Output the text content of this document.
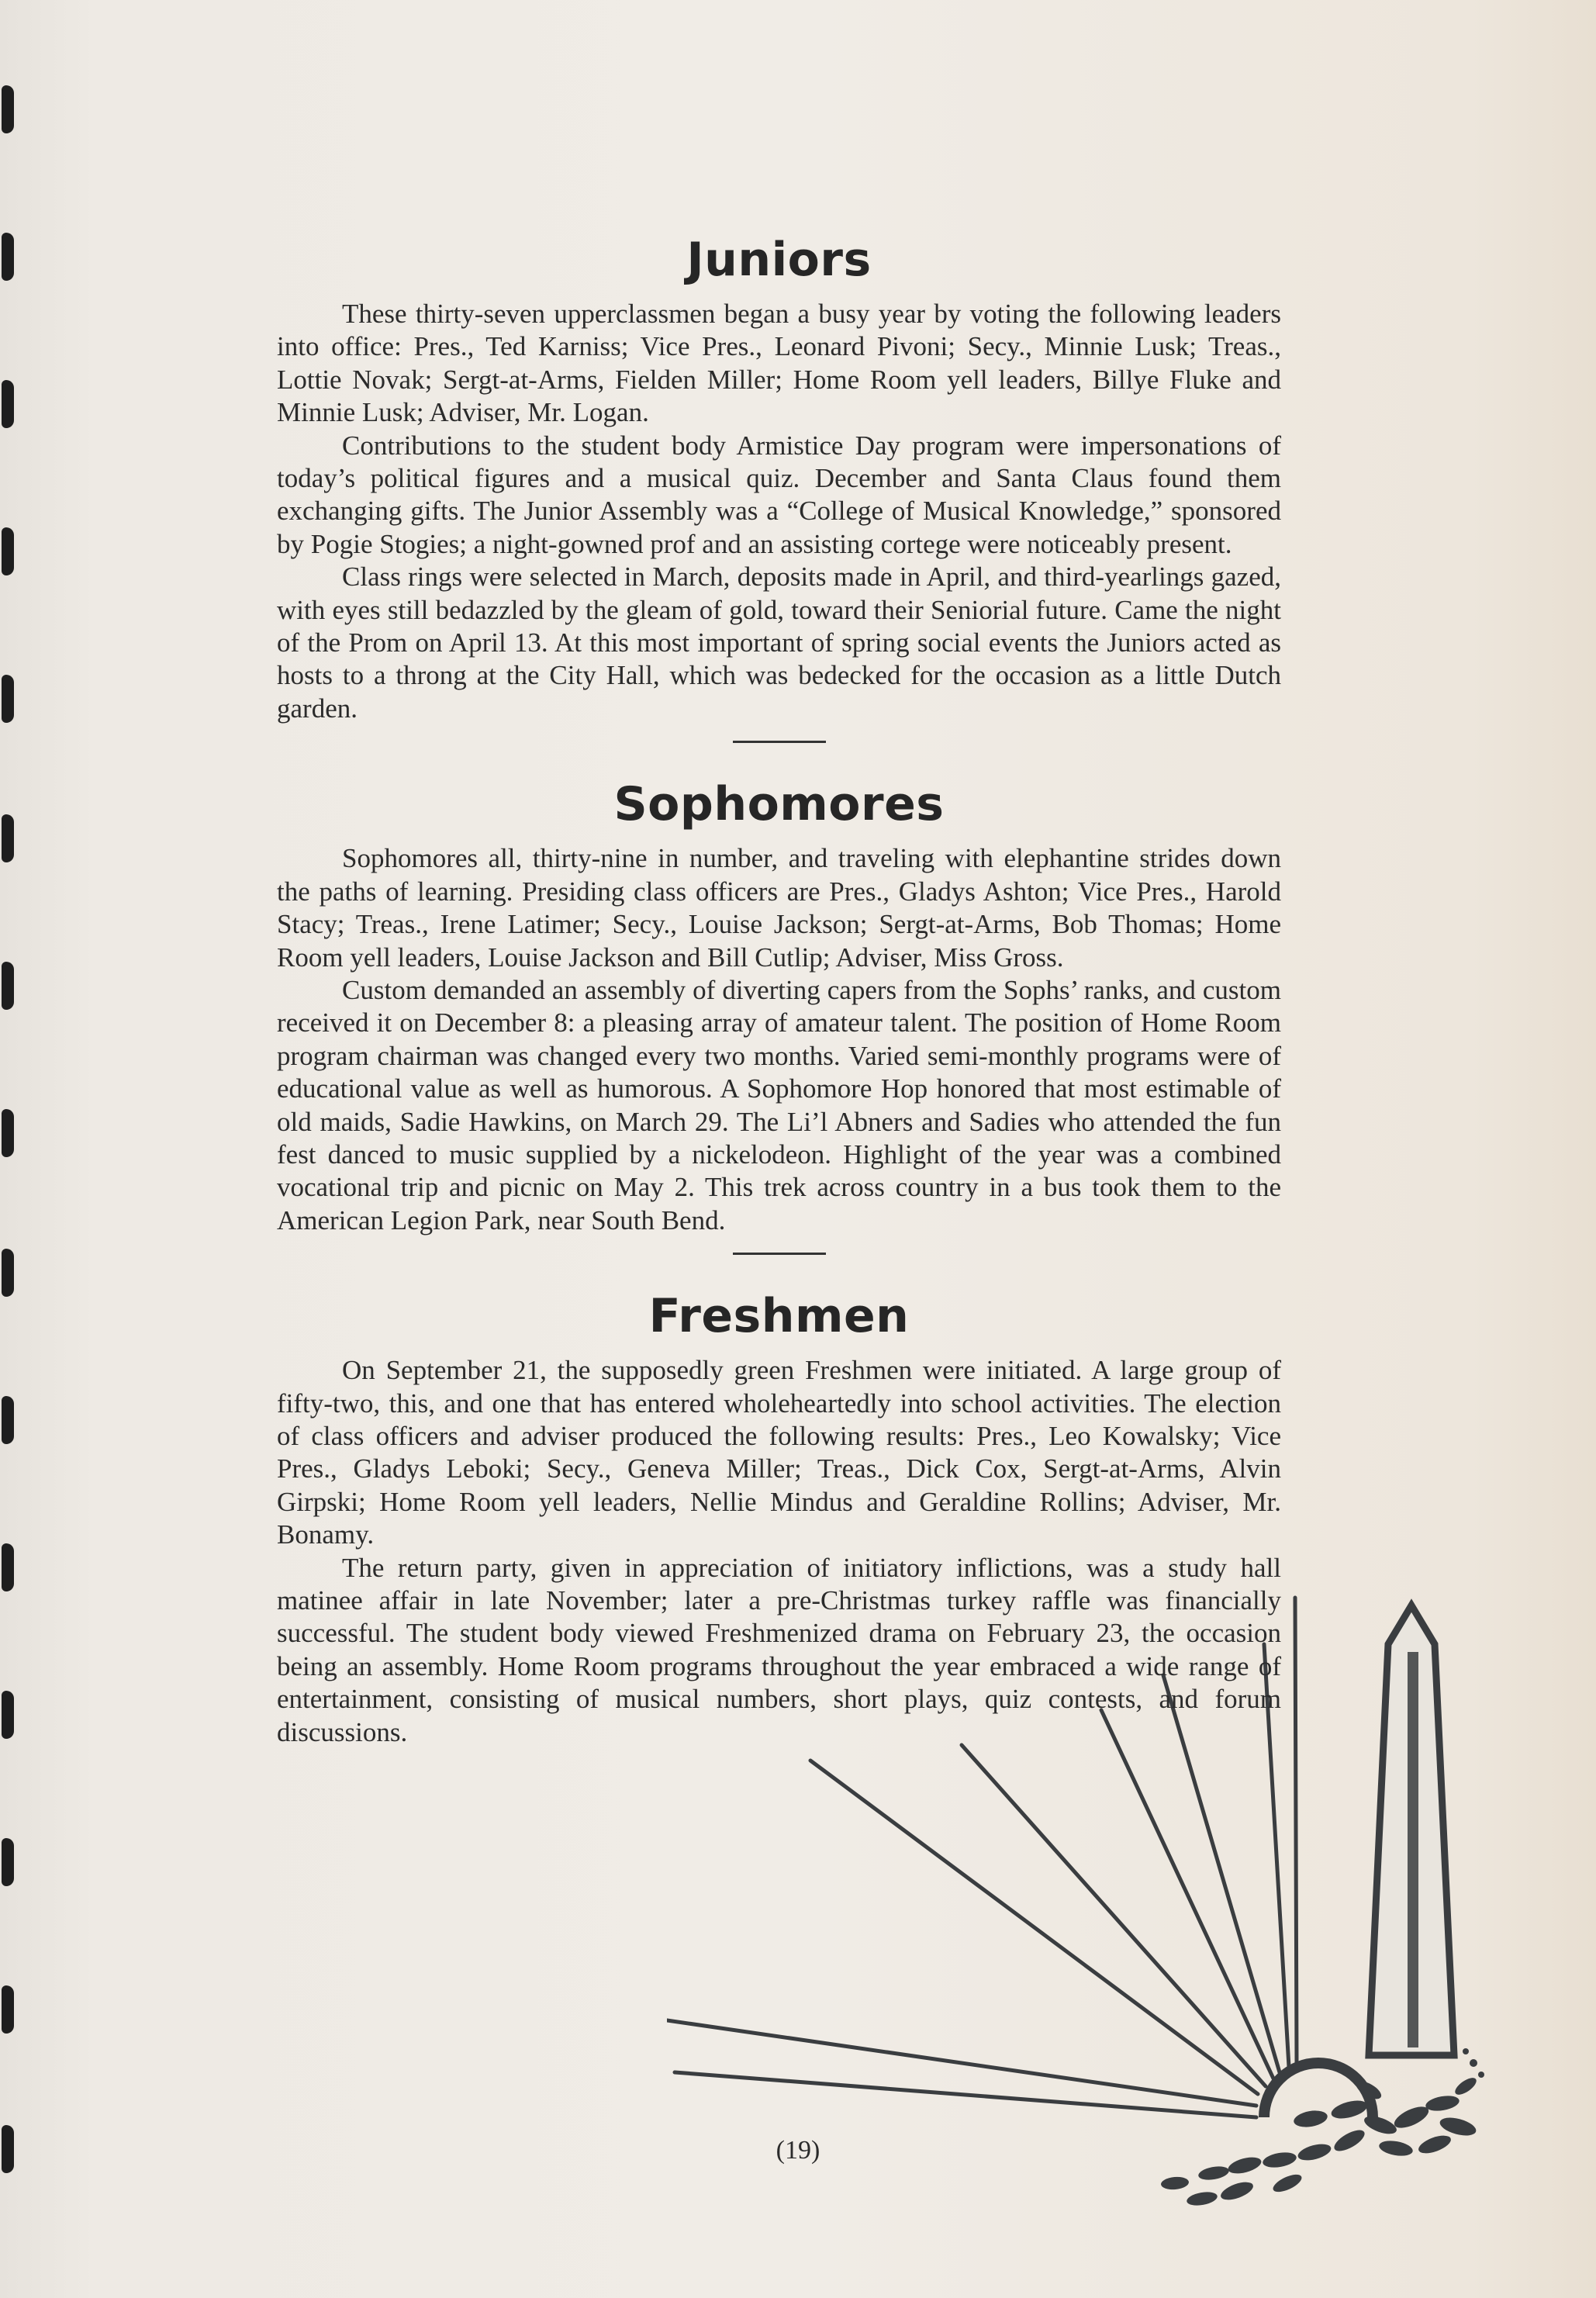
Juniors

These thirty-seven upperclassmen began a busy year by voting the following leaders into office: Pres., Ted Karniss; Vice Pres., Leonard Pivoni; Secy., Minnie Lusk; Treas., Lottie Novak; Sergt-at-Arms, Fielden Miller; Home Room yell leaders, Billye Fluke and Minnie Lusk; Adviser, Mr. Logan.

Contributions to the student body Armistice Day program were impersonations of today’s political figures and a musical quiz. December and Santa Claus found them exchanging gifts. The Junior Assembly was a “College of Musical Knowledge,” sponsored by Pogie Stogies; a night-gowned prof and an assisting cortege were noticeably present.

Class rings were selected in March, deposits made in April, and third-yearlings gazed, with eyes still bedazzled by the gleam of gold, toward their Seniorial future. Came the night of the Prom on April 13. At this most important of spring social events the Juniors acted as hosts to a throng at the City Hall, which was bedecked for the occasion as a little Dutch garden.

Sophomores

Sophomores all, thirty-nine in number, and traveling with elephantine strides down the paths of learning. Presiding class officers are Pres., Gladys Ashton; Vice Pres., Harold Stacy; Treas., Irene Latimer; Secy., Louise Jackson; Sergt-at-Arms, Bob Thomas; Home Room yell leaders, Louise Jackson and Bill Cutlip; Adviser, Miss Gross.

Custom demanded an assembly of diverting capers from the Sophs’ ranks, and custom received it on December 8: a pleasing array of amateur talent. The position of Home Room program chairman was changed every two months. Varied semi-monthly programs were of educational value as well as humorous. A Sophomore Hop honored that most estimable of old maids, Sadie Hawkins, on March 29. The Li’l Abners and Sadies who attended the fun fest danced to music supplied by a nickelodeon. Highlight of the year was a combined vocational trip and picnic on May 2. This trek across country in a bus took them to the American Legion Park, near South Bend.

Freshmen

On September 21, the supposedly green Freshmen were initiated. A large group of fifty-two, this, and one that has entered wholeheartedly into school activities. The election of class officers and adviser produced the following results: Pres., Leo Kowalsky; Vice Pres., Gladys Leboki; Secy., Geneva Miller; Treas., Dick Cox, Sergt-at-Arms, Alvin Girpski; Home Room yell leaders, Nellie Mindus and Geraldine Rollins; Adviser, Mr. Bonamy.

The return party, given in appreciation of initiatory inflictions, was a study hall matinee affair in late November; later a pre-Christmas turkey raffle was financially successful. The student body viewed Freshmenized drama on February 23, the occasion being an assembly. Home Room programs throughout the year embraced a wide range of entertainment, consisting of musical numbers, short plays, quiz contests, and forum discussions.

(19)
